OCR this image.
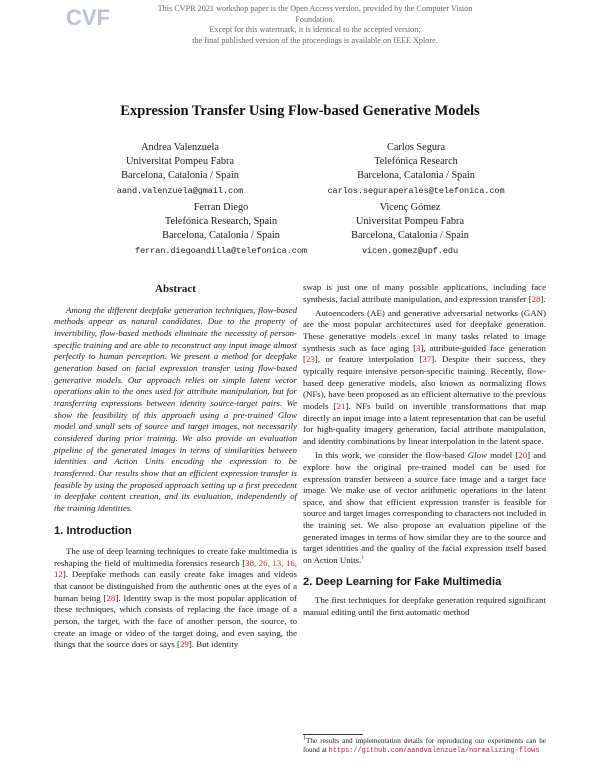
CVF	This CVPR 2021 workshop paper is the Open Access version, provided by the Computer Vision Foundation.
Except for this watermark, it is identical to the accepted version;
the final published version of the proceedings is available on IEEE Xplore.
Expression Transfer Using Flow-based Generative Models
Andrea Valenzuela
Universitat Pompeu Fabra
Barcelona, Catalonia / Spain
aand.valenzuela@gmail.com
Carlos Segura
Telefónica Research
Barcelona, Catalonia / Spain
carlos.seguraperales@telefonica.com
Ferran Diego
Telefónica Research, Spain
Barcelona, Catalonia / Spain
ferran.diegoandilla@telefonica.com
Vicenç Gómez
Universitat Pompeu Fabra
Barcelona, Catalonia / Spain
vicen.gomez@upf.edu
Abstract

Among the different deepfake generation techniques, flow-based methods appear as natural candidates. Due to the property of invertibility, flow-based methods eliminate the necessity of person-specific training and are able to reconstruct any input image almost perfectly to human perception. We present a method for deepfake generation based on facial expression transfer using flow-based generative models. Our approach relies on simple latent vector operations akin to the ones used for attribute manipulation, but for transferring expressions between identity source-target pairs. We show the feasibility of this approach using a pre-trained Glow model and small sets of source and target images, not necessarily considered during prior training. We also provide an evaluation pipeline of the generated images in terms of similarities between identities and Action Units encoding the expression to be transferred. Our results show that an efficient expression transfer is feasible by using the proposed approach setting up a first precedent in deepfake content creation, and its evaluation, independently of the training identities.

1. Introduction

The use of deep learning techniques to create fake multimedia is reshaping the field of multimedia forensics research [38, 26, 13, 16, 12]. Deepfake methods can easily create fake images and videos that cannot be distinguished from the authentic ones at the eyes of a human being [28]. Identity swap is the most popular application of these techniques, which consists of replacing the face image of a person, the target, with the face of another person, the source, to create an image or video of the target doing, and even saying, the things that the source does or says [29]. But identity

swap is just one of many possible applications, including face synthesis, facial attribute manipulation, and expression transfer [28].

Autoencoders (AE) and generative adversarial networks (GAN) are the most popular architectures used for deepfake generation. These generative models excel in many tasks related to image synthesis such as face aging [3], attribute-guided face generation [23], or feature interpolation [37]. Despite their success, they typically require intensive person-specific training. Recently, flow-based deep generative models, also known as normalizing flows (NFs), have been proposed as an efficient alternative to the previous models [21]. NFs build on invertible transformations that map directly an input image into a latent representation that can be useful for high-quality imagery generation, facial attribute manipulation, and identity combinations by linear interpolation in the latent space.

In this work, we consider the flow-based Glow model [20] and explore how the original pre-trained model can be used for expression transfer between a source face image and a target face image. We make use of vector arithmetic operations in the latent space, and show that efficient expression transfer is feasible for source and target images corresponding to characters not included in the training set. We also propose an evaluation pipeline of the generated images in terms of how similar they are to the source and target identities and the quality of the facial expression itself based on Action Units.$^1$

2. Deep Learning for Fake Multimedia

The first techniques for deepfake generation required significant manual editing until the first automatic method

$^1$The results and implementation details for reproducing our experiments can be found at https://github.com/aandvalenzuela/normalizing-flows
